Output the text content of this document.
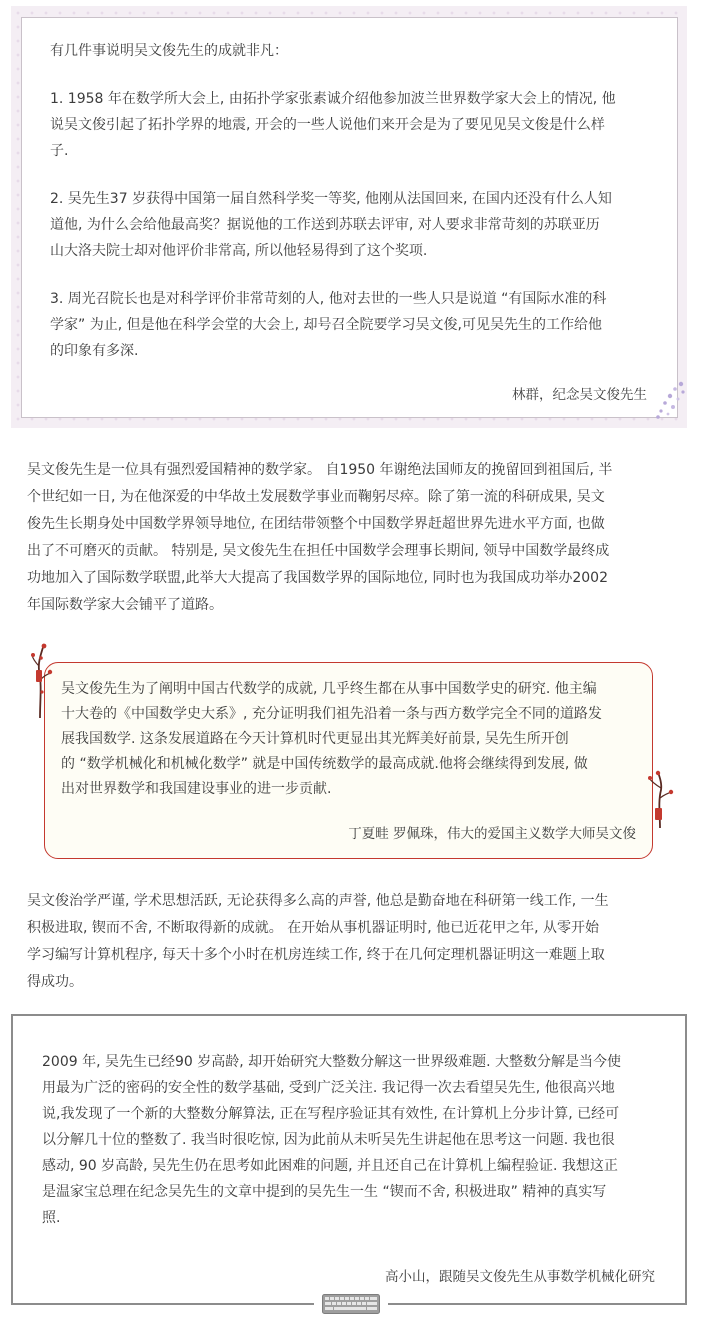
有几件事说明吴文俊先生的成就非凡：

1. 1958 年在数学所大会上, 由拓扑学家张素诚介绍他参加波兰世界数学家大会上的情况, 他

说吴文俊引起了拓扑学界的地震, 开会的一些人说他们来开会是为了要见见吴文俊是什么样

子.

2. 吴先生37 岁获得中国第一届自然科学奖一等奖, 他刚从法国回来, 在国内还没有什么人知

道他, 为什么会给他最高奖？据说他的工作送到苏联去评审, 对人要求非常苛刻的苏联亚历

山大洛夫院士却对他评价非常高, 所以他轻易得到了这个奖项.

3. 周光召院长也是对科学评价非常苛刻的人, 他对去世的一些人只是说道 “有国际水准的科

学家” 为止, 但是他在科学会堂的大会上, 却号召全院要学习吴文俊,可见吴先生的工作给他

的印象有多深.

林群，纪念吴文俊先生
吴文俊先生是一位具有强烈爱国精神的数学家。 自1950 年谢绝法国师友的挽留回到祖国后, 半
个世纪如一日, 为在他深爱的中华故土发展数学事业而鞠躬尽瘁。除了第一流的科研成果, 吴文
俊先生长期身处中国数学界领导地位, 在团结带领整个中国数学界赶超世界先进水平方面, 也做
出了不可磨灭的贡献。 特别是, 吴文俊先生在担任中国数学会理事长期间, 领导中国数学最终成
功地加入了国际数学联盟,此举大大提高了我国数学界的国际地位, 同时也为我国成功举办2002
年国际数学家大会铺平了道路。

吴文俊先生为了阐明中国古代数学的成就, 几乎终生都在从事中国数学史的研究. 他主编

十大卷的《中国数学史大系》, 充分证明我们祖先沿着一条与西方数学完全不同的道路发

展我国数学. 这条发展道路在今天计算机时代更显出其光辉美好前景, 吴先生所开创

的 “数学机械化和机械化数学” 就是中国传统数学的最高成就.他将会继续得到发展, 做

出对世界数学和我国建设事业的进一步贡献.

丁夏畦 罗佩珠，伟大的爱国主义数学大师吴文俊
吴文俊治学严谨, 学术思想活跃, 无论获得多么高的声誉, 他总是勤奋地在科研第一线工作, 一生
积极进取, 锲而不舍, 不断取得新的成就。 在开始从事机器证明时, 他已近花甲之年, 从零开始
学习编写计算机程序, 每天十多个小时在机房连续工作, 终于在几何定理机器证明这一难题上取
得成功。

2009 年, 吴先生已经90 岁高龄, 却开始研究大整数分解这一世界级难题. 大整数分解是当今使

用最为广泛的密码的安全性的数学基础, 受到广泛关注. 我记得一次去看望吴先生, 他很高兴地

说,我发现了一个新的大整数分解算法, 正在写程序验证其有效性, 在计算机上分步计算, 已经可

以分解几十位的整数了. 我当时很吃惊, 因为此前从未听吴先生讲起他在思考这一问题. 我也很

感动, 90 岁高龄, 吴先生仍在思考如此困难的问题, 并且还自己在计算机上编程验证. 我想这正

是温家宝总理在纪念吴先生的文章中提到的吴先生一生 “锲而不舍, 积极进取” 精神的真实写

照.

高小山，跟随吴文俊先生从事数学机械化研究
